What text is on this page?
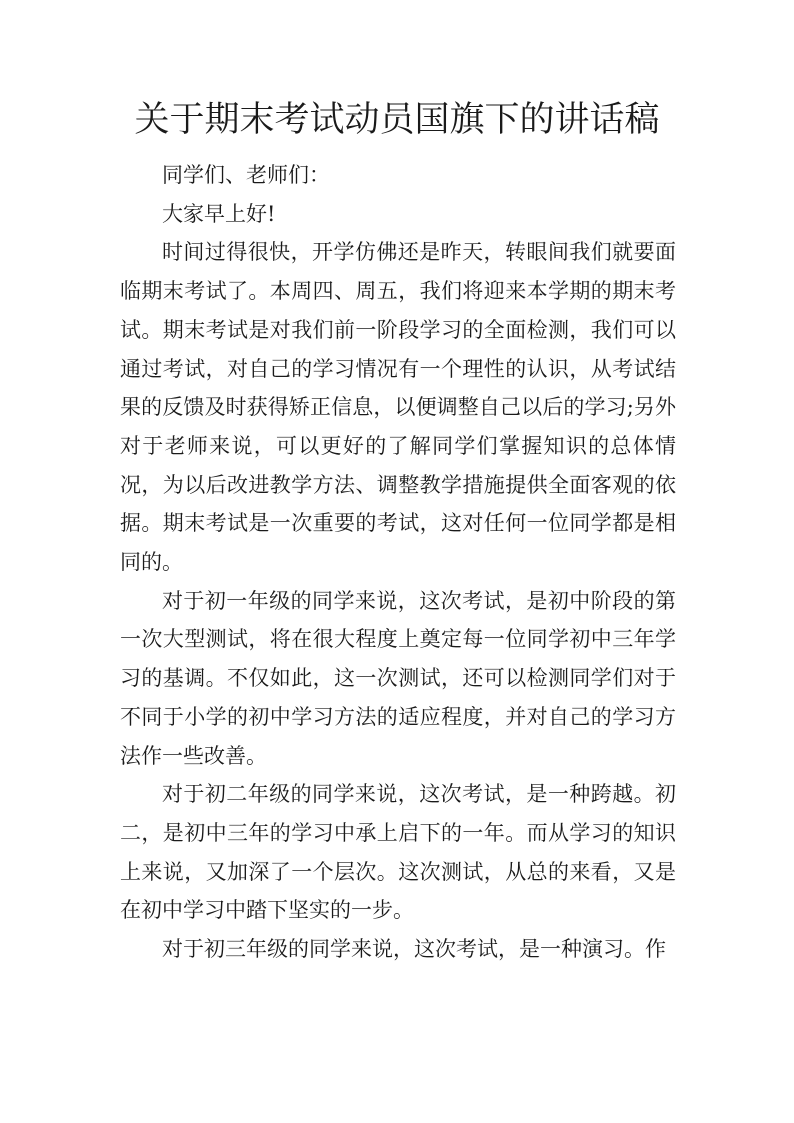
关于期末考试动员国旗下的讲话稿

同学们、老师们：

大家早上好!

时间过得很快，开学仿佛还是昨天，转眼间我们就要面临期末考试了。本周四、周五，我们将迎来本学期的期末考试。期末考试是对我们前一阶段学习的全面检测，我们可以通过考试，对自己的学习情况有一个理性的认识，从考试结果的反馈及时获得矫正信息，以便调整自己以后的学习;另外对于老师来说，可以更好的了解同学们掌握知识的总体情况，为以后改进教学方法、调整教学措施提供全面客观的依据。期末考试是一次重要的考试，这对任何一位同学都是相同的。

对于初一年级的同学来说，这次考试，是初中阶段的第一次大型测试，将在很大程度上奠定每一位同学初中三年学习的基调。不仅如此，这一次测试，还可以检测同学们对于不同于小学的初中学习方法的适应程度，并对自己的学习方法作一些改善。

对于初二年级的同学来说，这次考试，是一种跨越。初二，是初中三年的学习中承上启下的一年。而从学习的知识上来说，又加深了一个层次。这次测试，从总的来看，又是在初中学习中踏下坚实的一步。

对于初三年级的同学来说，这次考试，是一种演习。作
